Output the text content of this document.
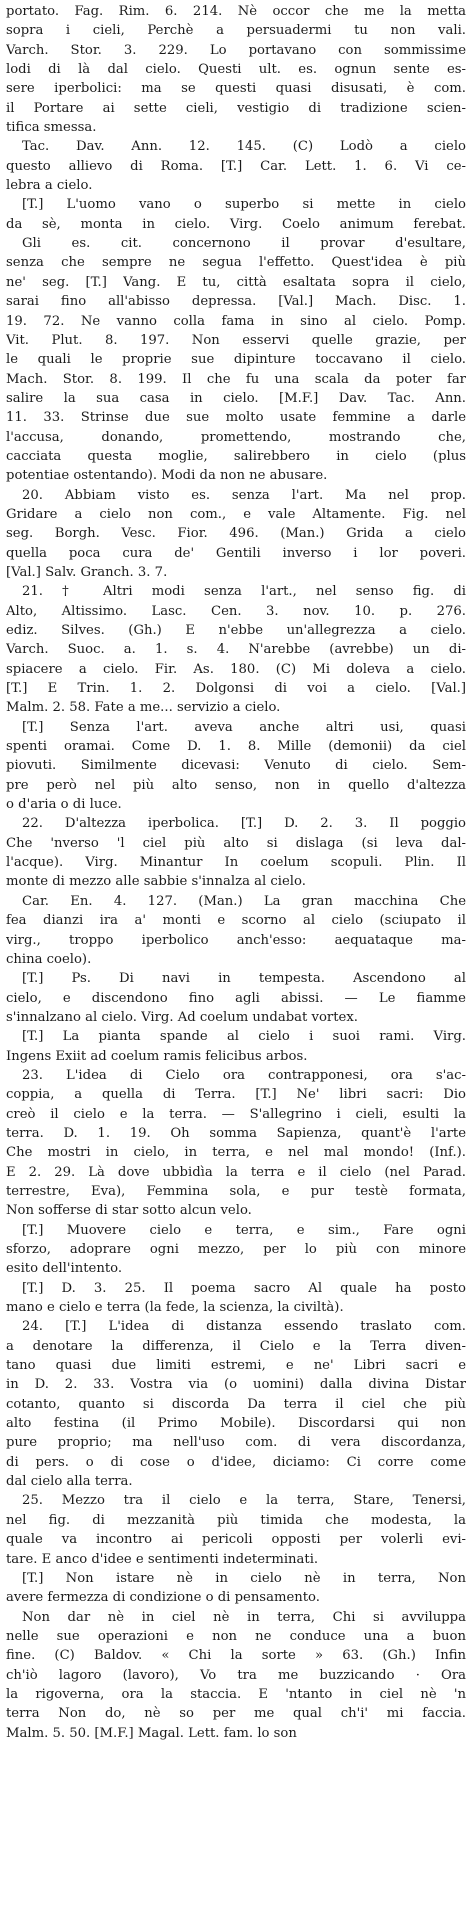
portato. Fag. Rim. 6. 214. Nè occor che me la metta
sopra i cieli, Perchè a persuadermi tu non vali.
Varch. Stor. 3. 229. Lo portavano con sommissime
lodi di là dal cielo. Questi ult. es. ognun sente es-
sere iperbolici: ma se questi quasi disusati, è com.
il Portare ai sette cieli, vestigio di tradizione scien-
tifica smessa.
Tac. Dav. Ann. 12. 145. (C) Lodò a cielo
questo allievo di Roma. [T.] Car. Lett. 1. 6. Vi ce-
lebra a cielo.
[T.] L'uomo vano o superbo si mette in cielo
da sè, monta in cielo. Virg. Coelo animum ferebat.
Gli es. cit. concernono il provar d'esultare,
senza che sempre ne segua l'effetto. Quest'idea è più
ne' seg. [T.] Vang. E tu, città esaltata sopra il cielo,
sarai fino all'abisso depressa. [Val.] Mach. Disc. 1.
19. 72. Ne vanno colla fama in sino al cielo. Pomp.
Vit. Plut. 8. 197. Non esservi quelle grazie, per
le quali le proprie sue dipinture toccavano il cielo.
Mach. Stor. 8. 199. Il che fu una scala da poter far
salire la sua casa in cielo. [M.F.] Dav. Tac. Ann.
11. 33. Strinse due sue molto usate femmine a darle
l'accusa, donando, promettendo, mostrando che,
cacciata questa moglie, salirebbero in cielo (plus
potentiae ostentando). Modi da non ne abusare.
20. Abbiam visto es. senza l'art. Ma nel prop.
Gridare a cielo non com., e vale Altamente. Fig. nel
seg. Borgh. Vesc. Fior. 496. (Man.) Grida a cielo
quella poca cura de' Gentili inverso i lor poveri.
[Val.] Salv. Granch. 3. 7.
21. † Altri modi senza l'art., nel senso fig. di
Alto, Altissimo. Lasc. Cen. 3. nov. 10. p. 276.
ediz. Silves. (Gh.) E n'ebbe un'allegrezza a cielo.
Varch. Suoc. a. 1. s. 4. N'arebbe (avrebbe) un di-
spiacere a cielo. Fir. As. 180. (C) Mi doleva a cielo.
[T.] E Trin. 1. 2. Dolgonsi di voi a cielo. [Val.]
Malm. 2. 58. Fate a me... servizio a cielo.
[T.] Senza l'art. aveva anche altri usi, quasi
spenti oramai. Come D. 1. 8. Mille (demonii) da ciel
piovuti. Similmente dicevasi: Venuto di cielo. Sem-
pre però nel più alto senso, non in quello d'altezza
o d'aria o di luce.
22. D'altezza iperbolica. [T.] D. 2. 3. Il poggio
Che 'nverso 'l ciel più alto si dislaga (si leva dal-
l'acque). Virg. Minantur In coelum scopuli. Plin. Il
monte di mezzo alle sabbie s'innalza al cielo.
Car. En. 4. 127. (Man.) La gran macchina Che
fea dianzi ira a' monti e scorno al cielo (sciupato il
virg., troppo iperbolico anch'esso: aequataque ma-
china coelo).
[T.] Ps. Di navi in tempesta. Ascendono al
cielo, e discendono fino agli abissi. — Le fiamme
s'innalzano al cielo. Virg. Ad coelum undabat vortex.
[T.] La pianta spande al cielo i suoi rami. Virg.
Ingens Exiit ad coelum ramis felicibus arbos.
23. L'idea di Cielo ora contrapponesi, ora s'ac-
coppia, a quella di Terra. [T.] Ne' libri sacri: Dio
creò il cielo e la terra. — S'allegrino i cieli, esulti la
terra. D. 1. 19. Oh somma Sapienza, quant'è l'arte
Che mostri in cielo, in terra, e nel mal mondo! (Inf.).
E 2. 29. Là dove ubbidìa la terra e il cielo (nel Parad.
terrestre, Eva), Femmina sola, e pur testè formata,
Non sofferse di star sotto alcun velo.
[T.] Muovere cielo e terra, e sim., Fare ogni
sforzo, adoprare ogni mezzo, per lo più con minore
esito dell'intento.
[T.] D. 3. 25. Il poema sacro Al quale ha posto
mano e cielo e terra (la fede, la scienza, la civiltà).
24. [T.] L'idea di distanza essendo traslato com.
a denotare la differenza, il Cielo e la Terra diven-
tano quasi due limiti estremi, e ne' Libri sacri e
in D. 2. 33. Vostra via (o uomini) dalla divina Distar
cotanto, quanto si discorda Da terra il ciel che più
alto festina (il Primo Mobile). Discordarsi qui non
pure proprio; ma nell'uso com. di vera discordanza,
di pers. o di cose o d'idee, diciamo: Ci corre come
dal cielo alla terra.
25. Mezzo tra il cielo e la terra, Stare, Tenersi,
nel fig. di mezzanità più timida che modesta, la
quale va incontro ai pericoli opposti per volerli evi-
tare. E anco d'idee e sentimenti indeterminati.
[T.] Non istare nè in cielo nè in terra, Non
avere fermezza di condizione o di pensamento.
Non dar nè in ciel nè in terra, Chi si avviluppa
nelle sue operazioni e non ne conduce una a buon
fine. (C) Baldov. « Chi la sorte » 63. (Gh.) Infin
ch'iò lagoro (lavoro), Vo tra me buzzicando · Ora
la rigoverna, ora la staccia. E 'ntanto in ciel nè 'n
terra Non do, nè so per me qual ch'i' mi faccia.
Malm. 5. 50. [M.F.] Magal. Lett. fam. lo son
